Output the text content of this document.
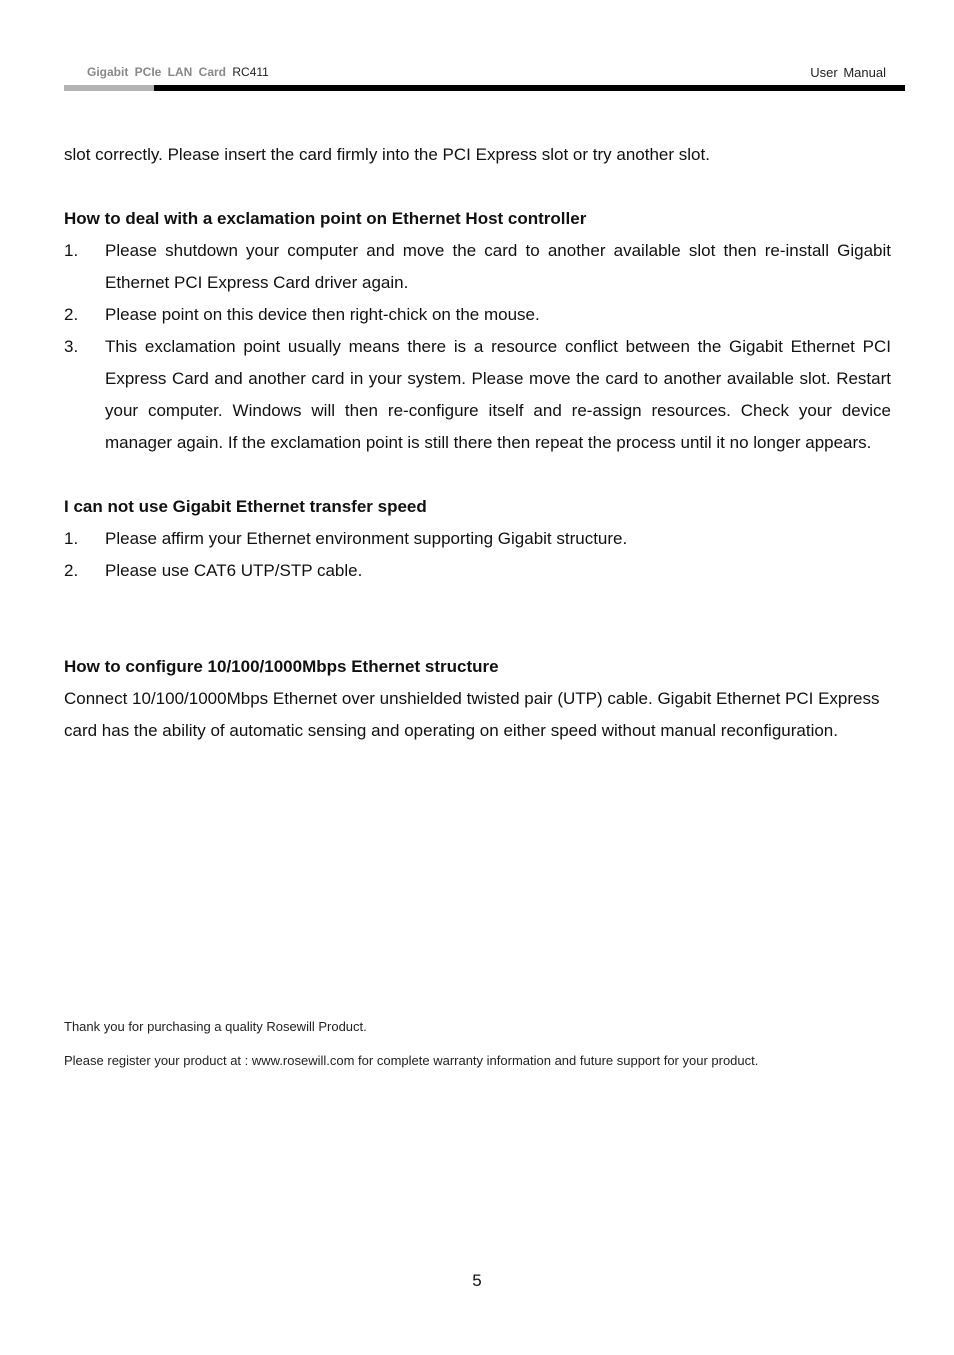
Gigabit PCIe LAN Card RC411	User Manual

slot correctly. Please insert the card firmly into the PCI Express slot or try another slot.

How to deal with a exclamation point on Ethernet Host controller
1.	Please shutdown your computer and move the card to another available slot then re-install Gigabit Ethernet PCI Express Card driver again.
2.	Please point on this device then right-chick on the mouse.
3.	This exclamation point usually means there is a resource conflict between the Gigabit Ethernet PCI Express Card and another card in your system. Please move the card to another available slot. Restart your computer. Windows will then re-configure itself and re-assign resources. Check your device manager again. If the exclamation point is still there then repeat the process until it no longer appears.
I can not use Gigabit Ethernet transfer speed
1.	Please affirm your Ethernet environment supporting Gigabit structure.
2.	Please use CAT6 UTP/STP cable.
How to configure 10/100/1000Mbps Ethernet structure

Connect 10/100/1000Mbps Ethernet over unshielded twisted pair (UTP) cable. Gigabit Ethernet PCI Express card has the ability of automatic sensing and operating on either speed without manual reconfiguration.

Thank you for purchasing a quality Rosewill Product.

Please register your product at : www.rosewill.com for complete warranty information and future support for your product.

5
